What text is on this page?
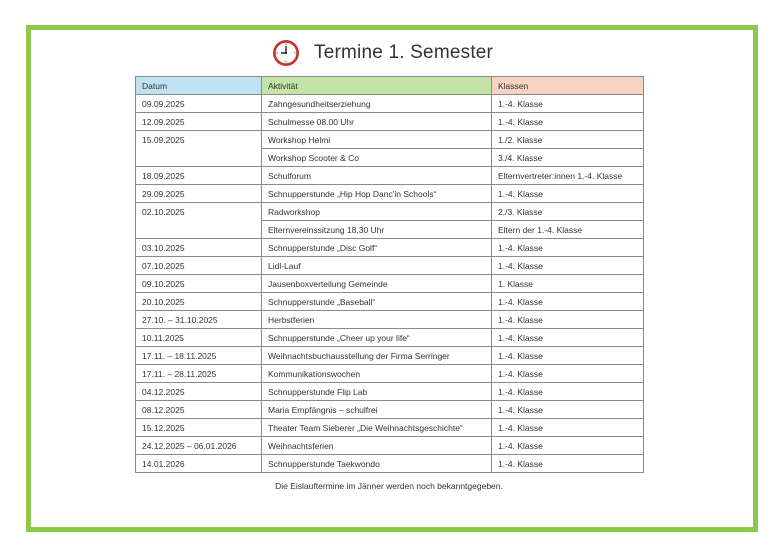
Termine 1. Semester
Datum	Aktivität	Klassen
09.09.2025	Zahngesundheitserziehung	1.-4. Klasse
12.09.2025	Schulmesse 08.00 Uhr	1.-4. Klasse
15.09.2025	Workshop Helmi	1./2. Klasse
	Workshop Scooter & Co	3./4. Klasse
18.09.2025	Schulforum	Elternvertreter:innen 1.-4. Klasse
29.09.2025	Schnupperstunde „Hip Hop Danc'in Schools“	1.-4. Klasse
02.10.2025	Radworkshop	2./3. Klasse
	Elternvereinssitzung 18.30 Uhr	Eltern der 1.-4. Klasse
03.10.2025	Schnupperstunde „Disc Golf“	1.-4. Klasse
07.10.2025	Lidl-Lauf	1.-4. Klasse
09.10.2025	Jausenboxverteilung Gemeinde	1. Klasse
20.10.2025	Schnupperstunde „Baseball“	1.-4. Klasse
27.10. – 31.10.2025	Herbstferien	1.-4. Klasse
10.11.2025	Schnupperstunde „Cheer up your life“	1.-4. Klasse
17.11. – 18.11.2025	Weihnachtsbuchausstellung der Firma Serringer	1.-4. Klasse
17.11. – 28.11.2025	Kommunikationswochen	1.-4. Klasse
04.12.2025	Schnupperstunde Flip Lab	1.-4. Klasse
08.12.2025	Maria Empfängnis – schulfrei	1.-4. Klasse
15.12.2025	Theater Team Sieberer „Die Weihnachtsgeschichte“	1.-4. Klasse
24.12.2025 – 06.01.2026	Weihnachtsferien	1.-4. Klasse
14.01.2026	Schnupperstunde Taekwondo	1.-4. Klasse
Die Eislauftermine im Jänner werden noch bekanntgegeben.
